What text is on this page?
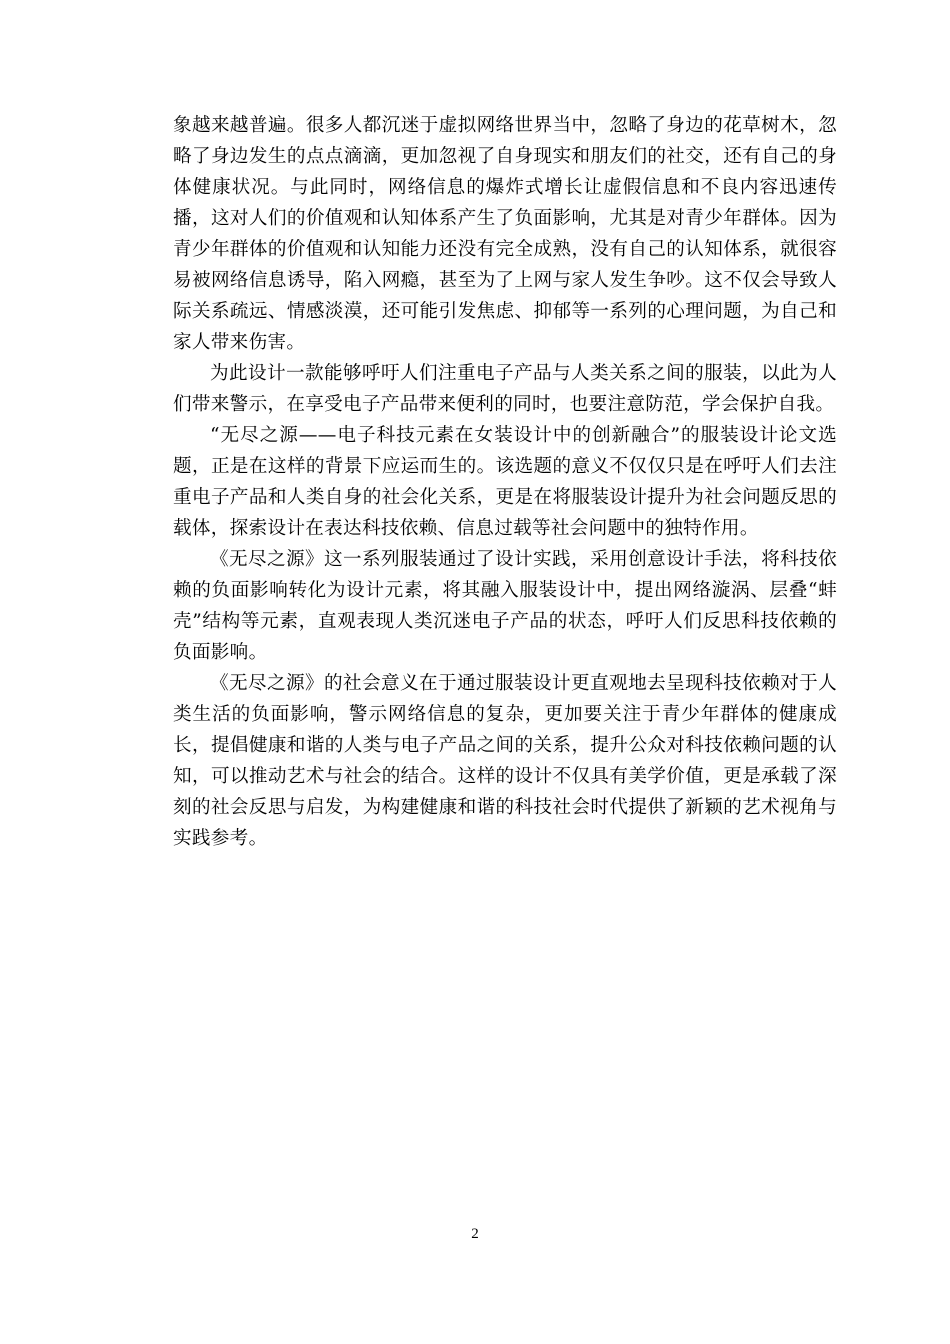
象越来越普遍。很多人都沉迷于虚拟网络世界当中，忽略了身边的花草树木，忽略了身边发生的点点滴滴，更加忽视了自身现实和朋友们的社交，还有自己的身体健康状况。与此同时，网络信息的爆炸式增长让虚假信息和不良内容迅速传播，这对人们的价值观和认知体系产生了负面影响，尤其是对青少年群体。因为青少年群体的价值观和认知能力还没有完全成熟，没有自己的认知体系，就很容易被网络信息诱导，陷入网瘾，甚至为了上网与家人发生争吵。这不仅会导致人际关系疏远、情感淡漠，还可能引发焦虑、抑郁等一系列的心理问题，为自己和家人带来伤害。

为此设计一款能够呼吁人们注重电子产品与人类关系之间的服装，以此为人们带来警示，在享受电子产品带来便利的同时，也要注意防范，学会保护自我。

“无尽之源——电子科技元素在女装设计中的创新融合”的服装设计论文选题，正是在这样的背景下应运而生的。该选题的意义不仅仅只是在呼吁人们去注重电子产品和人类自身的社会化关系，更是在将服装设计提升为社会问题反思的载体，探索设计在表达科技依赖、信息过载等社会问题中的独特作用。

《无尽之源》这一系列服装通过了设计实践，采用创意设计手法，将科技依赖的负面影响转化为设计元素，将其融入服装设计中，提出网络漩涡、层叠“蚌壳”结构等元素，直观表现人类沉迷电子产品的状态，呼吁人们反思科技依赖的负面影响。

《无尽之源》的社会意义在于通过服装设计更直观地去呈现科技依赖对于人类生活的负面影响，警示网络信息的复杂，更加要关注于青少年群体的健康成长，提倡健康和谐的人类与电子产品之间的关系，提升公众对科技依赖问题的认知，可以推动艺术与社会的结合。这样的设计不仅具有美学价值，更是承载了深刻的社会反思与启发，为构建健康和谐的科技社会时代提供了新颖的艺术视角与实践参考。

2
